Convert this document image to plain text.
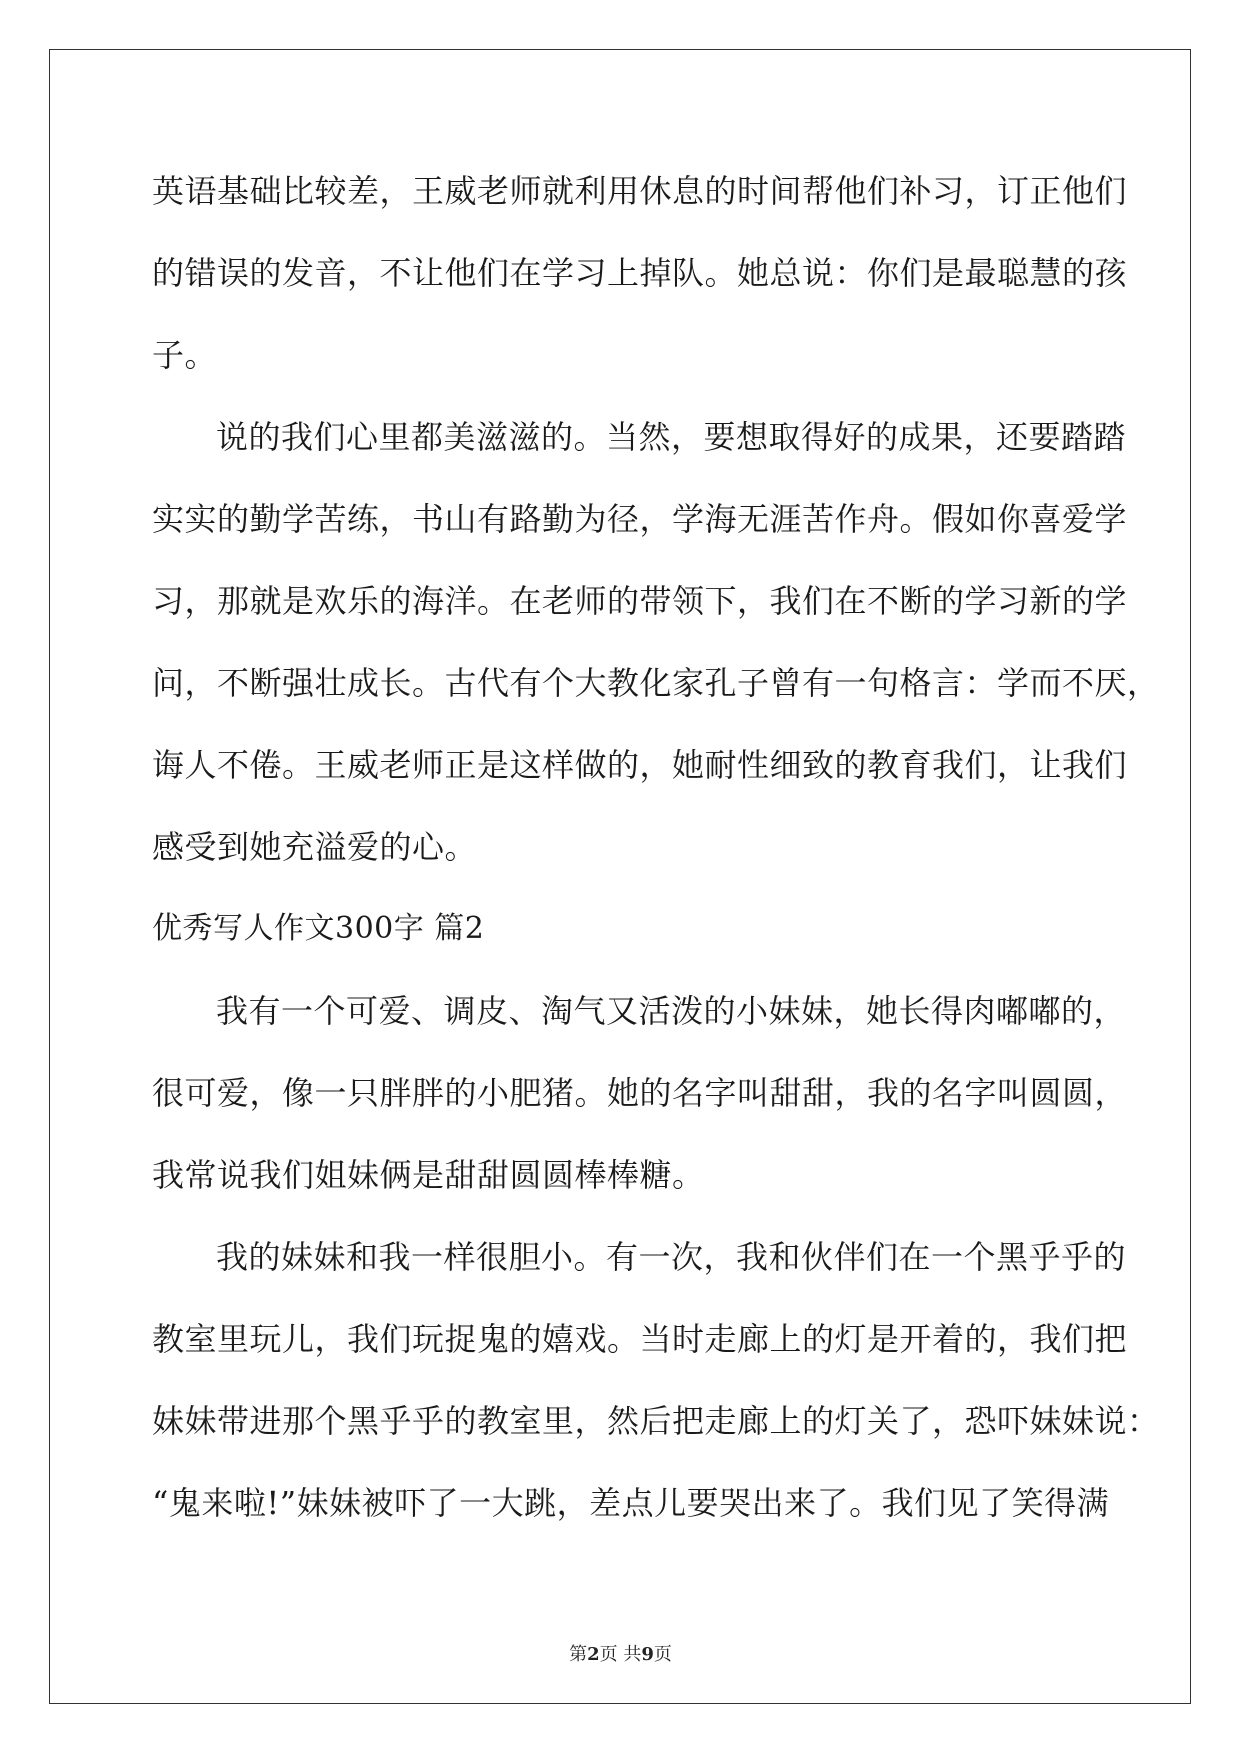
英语基础比较差，王威老师就利用休息的时间帮他们补习，订正他们
的错误的发音，不让他们在学习上掉队。她总说：你们是最聪慧的孩
子。
说的我们心里都美滋滋的。当然，要想取得好的成果，还要踏踏
实实的勤学苦练，书山有路勤为径，学海无涯苦作舟。假如你喜爱学
习，那就是欢乐的海洋。在老师的带领下，我们在不断的学习新的学
问，不断强壮成长。古代有个大教化家孔子曾有一句格言：学而不厌，
诲人不倦。王威老师正是这样做的，她耐性细致的教育我们，让我们
感受到她充溢爱的心。
优秀写人作文300字 篇2
我有一个可爱、调皮、淘气又活泼的小妹妹，她长得肉嘟嘟的，
很可爱，像一只胖胖的小肥猪。她的名字叫甜甜，我的名字叫圆圆，
我常说我们姐妹俩是甜甜圆圆棒棒糖。
我的妹妹和我一样很胆小。有一次，我和伙伴们在一个黑乎乎的
教室里玩儿，我们玩捉鬼的嬉戏。当时走廊上的灯是开着的，我们把
妹妹带进那个黑乎乎的教室里，然后把走廊上的灯关了，恐吓妹妹说：
“鬼来啦!”妹妹被吓了一大跳，差点儿要哭出来了。我们见了笑得满
第2页 共9页
